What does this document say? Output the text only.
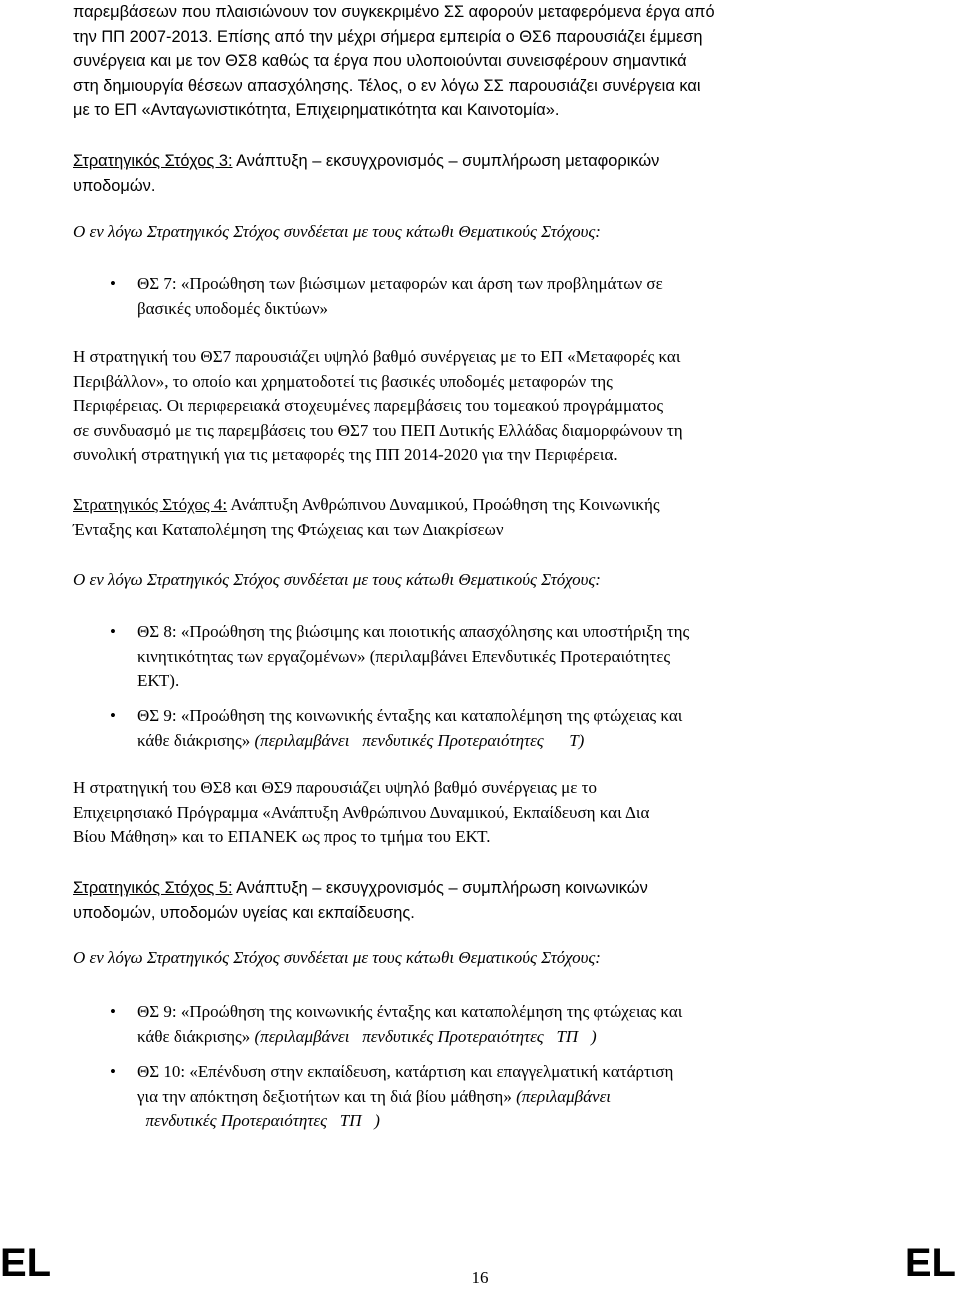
παρεμβάσεων που πλαισιώνουν τον συγκεκριμένο ΣΣ αφορούν μεταφερόμενα έργα από
την ΠΠ 2007-2013. Επίσης από την μέχρι σήμερα εμπειρία ο ΘΣ6 παρουσιάζει έμμεση
συνέργεια και με τον ΘΣ8 καθώς τα έργα που υλοποιούνται συνεισφέρουν σημαντικά
στη δημιουργία θέσεων απασχόλησης. Τέλος, ο εν λόγω ΣΣ παρουσιάζει συνέργεια και
με το ΕΠ «Ανταγωνιστικότητα, Επιχειρηματικότητα και Καινοτομία».
Στρατηγικός Στόχος 3: Ανάπτυξη – εκσυγχρονισμός – συμπλήρωση μεταφορικών
υποδομών.
Ο εν λόγω Στρατηγικός Στόχος συνδέεται με τους κάτωθι Θεματικούς Στόχους:
•
ΘΣ 7: «Προώθηση των βιώσιμων μεταφορών και άρση των προβλημάτων σε
βασικές υποδομές δικτύων»
Η στρατηγική του ΘΣ7 παρουσιάζει υψηλό βαθμό συνέργειας με το ΕΠ «Μεταφορές και
Περιβάλλον», το οποίο και χρηματοδοτεί τις βασικές υποδομές μεταφορών της
Περιφέρειας. Οι περιφερειακά στοχευμένες παρεμβάσεις του τομεακού προγράμματος
σε συνδυασμό με τις παρεμβάσεις του ΘΣ7 του ΠΕΠ Δυτικής Ελλάδας διαμορφώνουν τη
συνολική στρατηγική για τις μεταφορές της ΠΠ 2014-2020 για την Περιφέρεια.
Στρατηγικός Στόχος 4: Ανάπτυξη Ανθρώπινου Δυναμικού, Προώθηση της Κοινωνικής
Ένταξης και Καταπολέμηση της Φτώχειας και των Διακρίσεων
Ο εν λόγω Στρατηγικός Στόχος συνδέεται με τους κάτωθι Θεματικούς Στόχους:
•
ΘΣ 8: «Προώθηση της βιώσιμης και ποιοτικής απασχόλησης και υποστήριξη της
κινητικότητας των εργαζομένων» (περιλαμβάνει Επενδυτικές Προτεραιότητες
ΕΚΤ).
•
ΘΣ 9: «Προώθηση της κοινωνικής ένταξης και καταπολέμηση της φτώχειας και
κάθε διάκρισης» (περιλαμβάνει   πενδυτικές Προτεραιότητες      Τ)
Η στρατηγική του ΘΣ8 και ΘΣ9 παρουσιάζει υψηλό βαθμό συνέργειας με το
Επιχειρησιακό Πρόγραμμα «Ανάπτυξη Ανθρώπινου Δυναμικού, Εκπαίδευση και Δια
Βίου Μάθηση» και το ΕΠΑΝΕΚ ως προς το τμήμα του ΕΚΤ.
Στρατηγικός Στόχος 5: Ανάπτυξη – εκσυγχρονισμός – συμπλήρωση κοινωνικών
υποδομών, υποδομών υγείας και εκπαίδευσης.
Ο εν λόγω Στρατηγικός Στόχος συνδέεται με τους κάτωθι Θεματικούς Στόχους:
•
ΘΣ 9: «Προώθηση της κοινωνικής ένταξης και καταπολέμηση της φτώχειας και
κάθε διάκρισης» (περιλαμβάνει   πενδυτικές Προτεραιότητες   ΤΠ   )
•
ΘΣ 10: «Επένδυση στην εκπαίδευση, κατάρτιση και επαγγελματική κατάρτιση
για την απόκτηση δεξιοτήτων και τη διά βίου μάθηση» (περιλαμβάνει
πενδυτικές Προτεραιότητες   ΤΠ   )
EL	EL
16
